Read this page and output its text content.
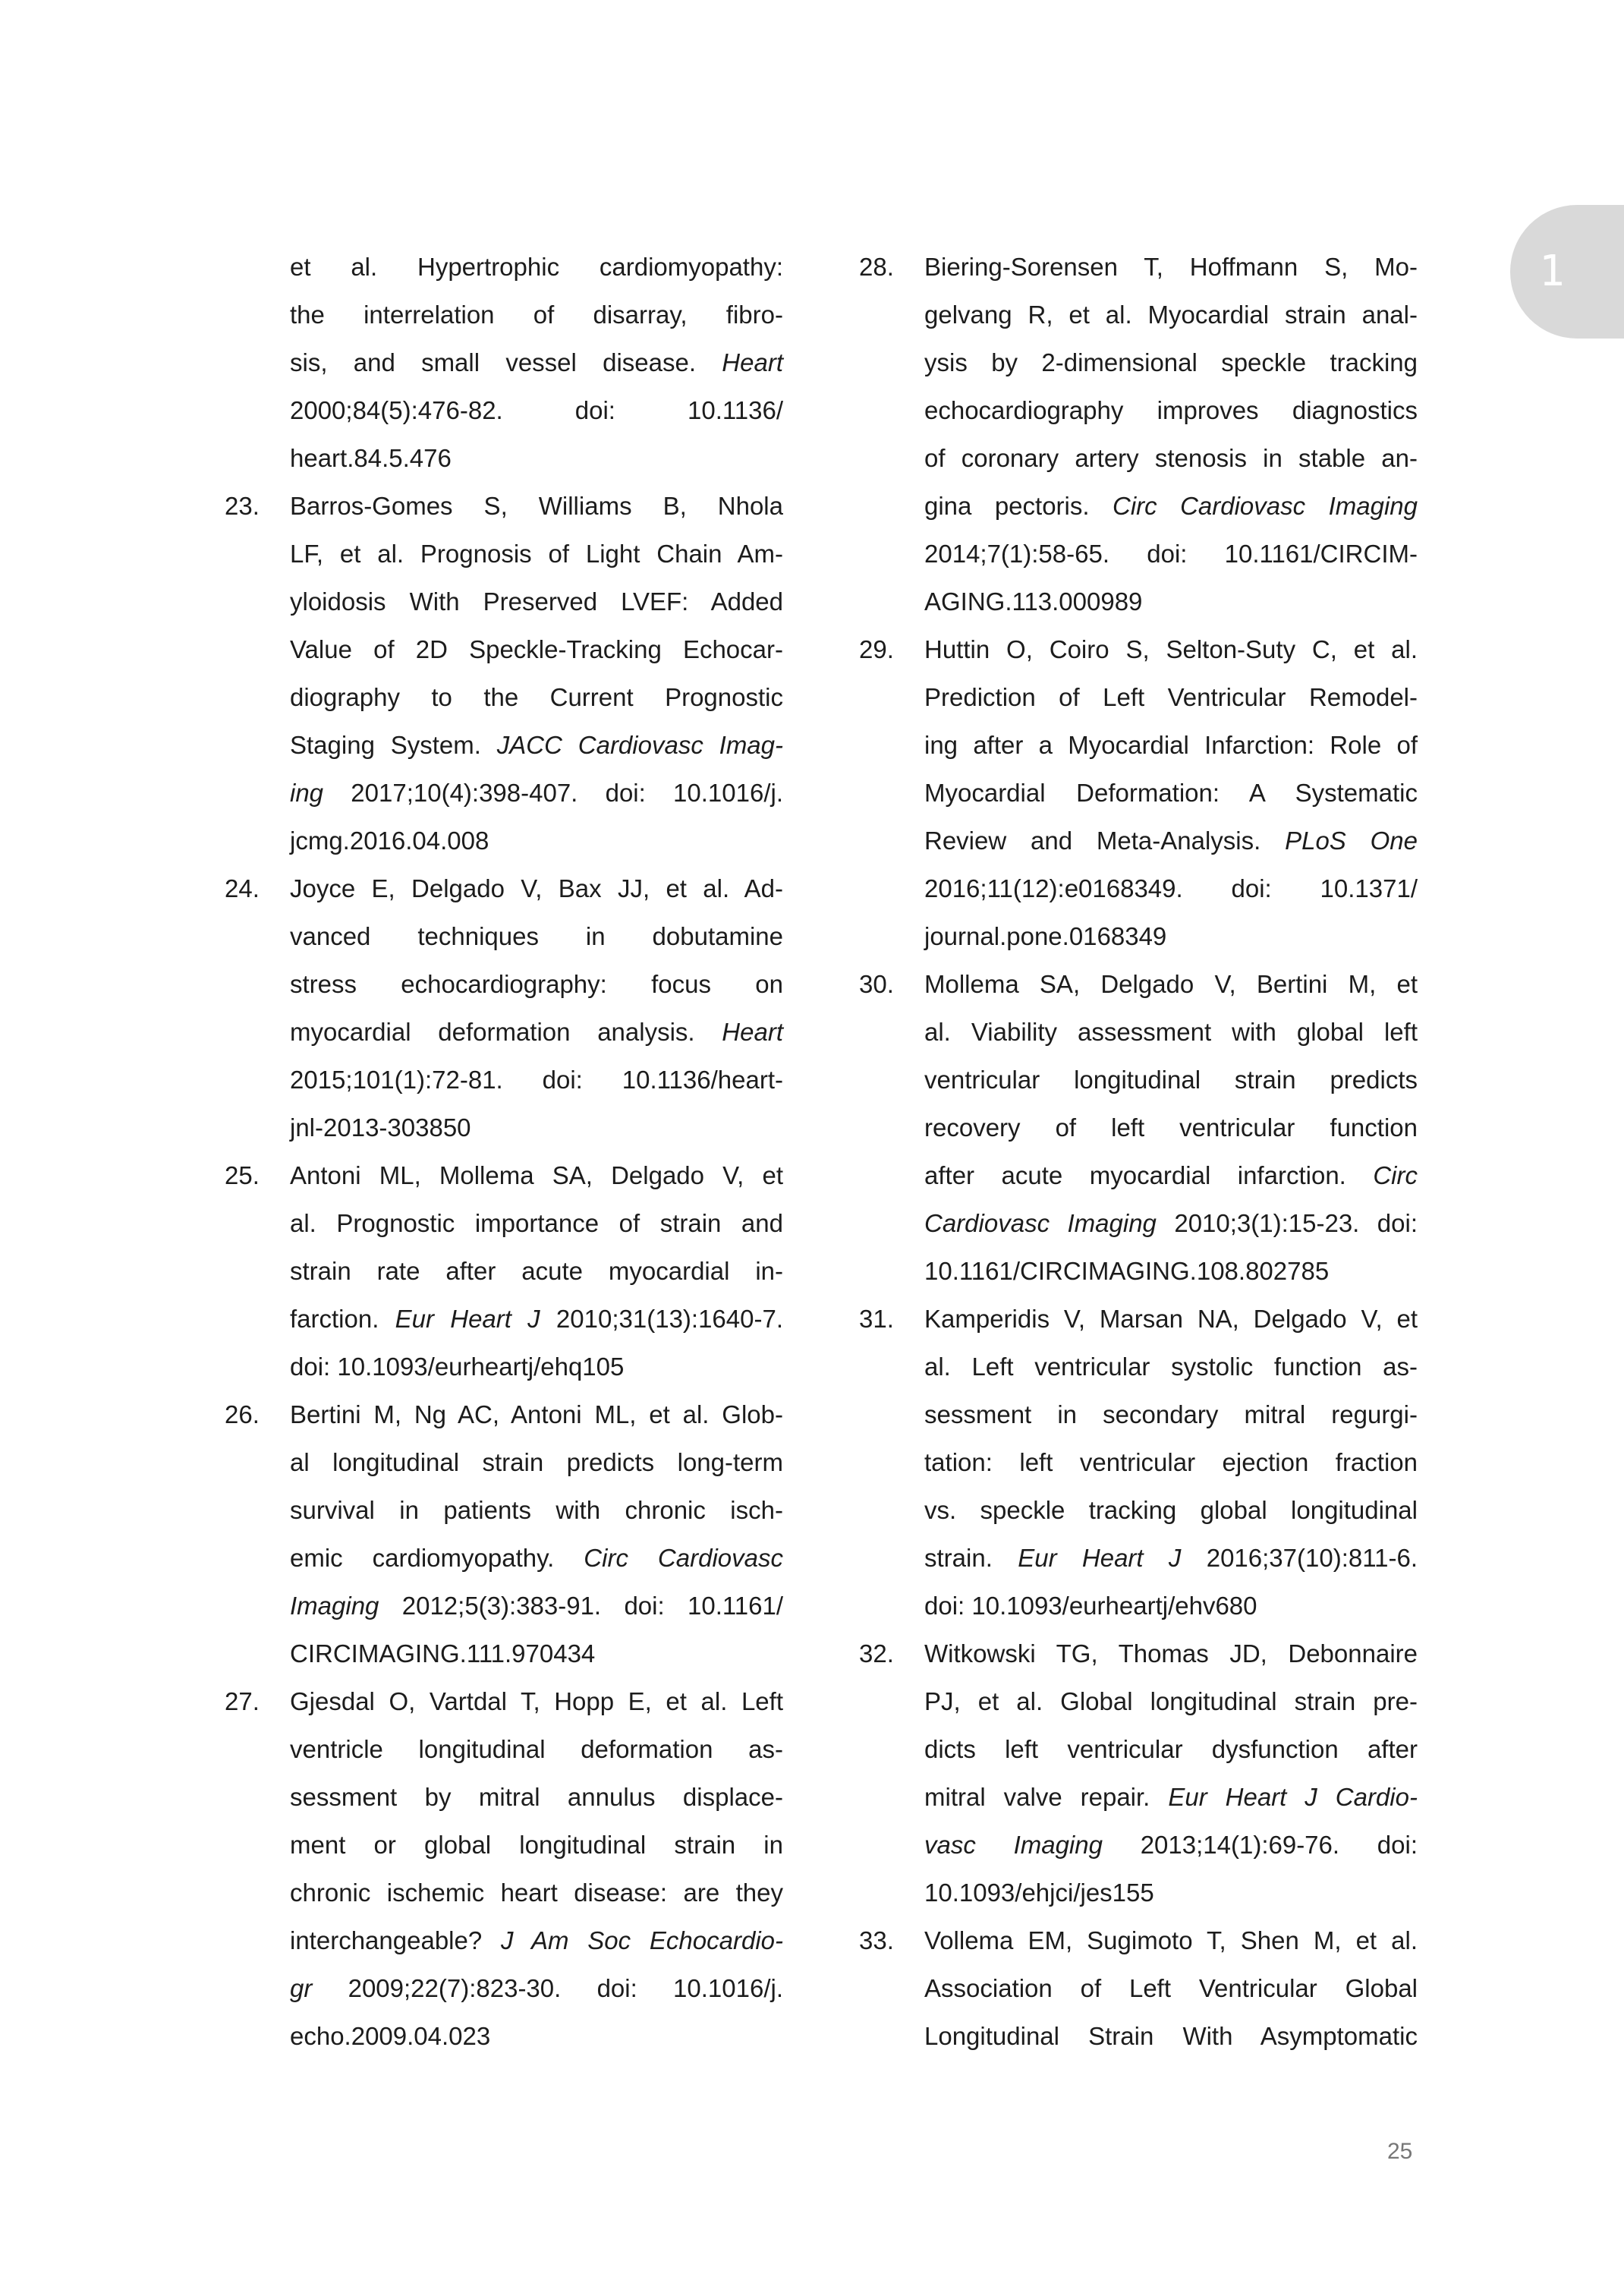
et al. Hypertrophic cardiomyopathy:
the interrelation of disarray, fibro-
sis, and small vessel disease. Heart
2000;84(5):476-82. doi: 10.1136/
heart.84.5.476
23. Barros-Gomes S, Williams B, Nhola
LF, et al. Prognosis of Light Chain Am-
yloidosis With Preserved LVEF: Added
Value of 2D Speckle-Tracking Echocar-
diography to the Current Prognostic
Staging System. JACC Cardiovasc Imag-
ing 2017;10(4):398-407. doi: 10.1016/j.
jcmg.2016.04.008
24. Joyce E, Delgado V, Bax JJ, et al. Ad-
vanced techniques in dobutamine
stress echocardiography: focus on
myocardial deformation analysis. Heart
2015;101(1):72-81. doi: 10.1136/heart-
jnl-2013-303850
25. Antoni ML, Mollema SA, Delgado V, et
al. Prognostic importance of strain and
strain rate after acute myocardial in-
farction. Eur Heart J 2010;31(13):1640-7.
doi: 10.1093/eurheartj/ehq105
26. Bertini M, Ng AC, Antoni ML, et al. Glob-
al longitudinal strain predicts long-term
survival in patients with chronic isch-
emic cardiomyopathy. Circ Cardiovasc
Imaging 2012;5(3):383-91. doi: 10.1161/
CIRCIMAGING.111.970434
27. Gjesdal O, Vartdal T, Hopp E, et al. Left
ventricle longitudinal deformation as-
sessment by mitral annulus displace-
ment or global longitudinal strain in
chronic ischemic heart disease: are they
interchangeable? J Am Soc Echocardio-
gr 2009;22(7):823-30. doi: 10.1016/j.
echo.2009.04.023
28. Biering-Sorensen T, Hoffmann S, Mo-
gelvang R, et al. Myocardial strain anal-
ysis by 2-dimensional speckle tracking
echocardiography improves diagnostics
of coronary artery stenosis in stable an-
gina pectoris. Circ Cardiovasc Imaging
2014;7(1):58-65. doi: 10.1161/CIRCIM-
AGING.113.000989
29. Huttin O, Coiro S, Selton-Suty C, et al.
Prediction of Left Ventricular Remodel-
ing after a Myocardial Infarction: Role of
Myocardial Deformation: A Systematic
Review and Meta-Analysis. PLoS One
2016;11(12):e0168349. doi: 10.1371/
journal.pone.0168349
30. Mollema SA, Delgado V, Bertini M, et
al. Viability assessment with global left
ventricular longitudinal strain predicts
recovery of left ventricular function
after acute myocardial infarction. Circ
Cardiovasc Imaging 2010;3(1):15-23. doi:
10.1161/CIRCIMAGING.108.802785
31. Kamperidis V, Marsan NA, Delgado V, et
al. Left ventricular systolic function as-
sessment in secondary mitral regurgi-
tation: left ventricular ejection fraction
vs. speckle tracking global longitudinal
strain. Eur Heart J 2016;37(10):811-6.
doi: 10.1093/eurheartj/ehv680
32. Witkowski TG, Thomas JD, Debonnaire
PJ, et al. Global longitudinal strain pre-
dicts left ventricular dysfunction after
mitral valve repair. Eur Heart J Cardio-
vasc Imaging 2013;14(1):69-76. doi:
10.1093/ehjci/jes155
33. Vollema EM, Sugimoto T, Shen M, et al.
Association of Left Ventricular Global
Longitudinal Strain With Asymptomatic
1
25
